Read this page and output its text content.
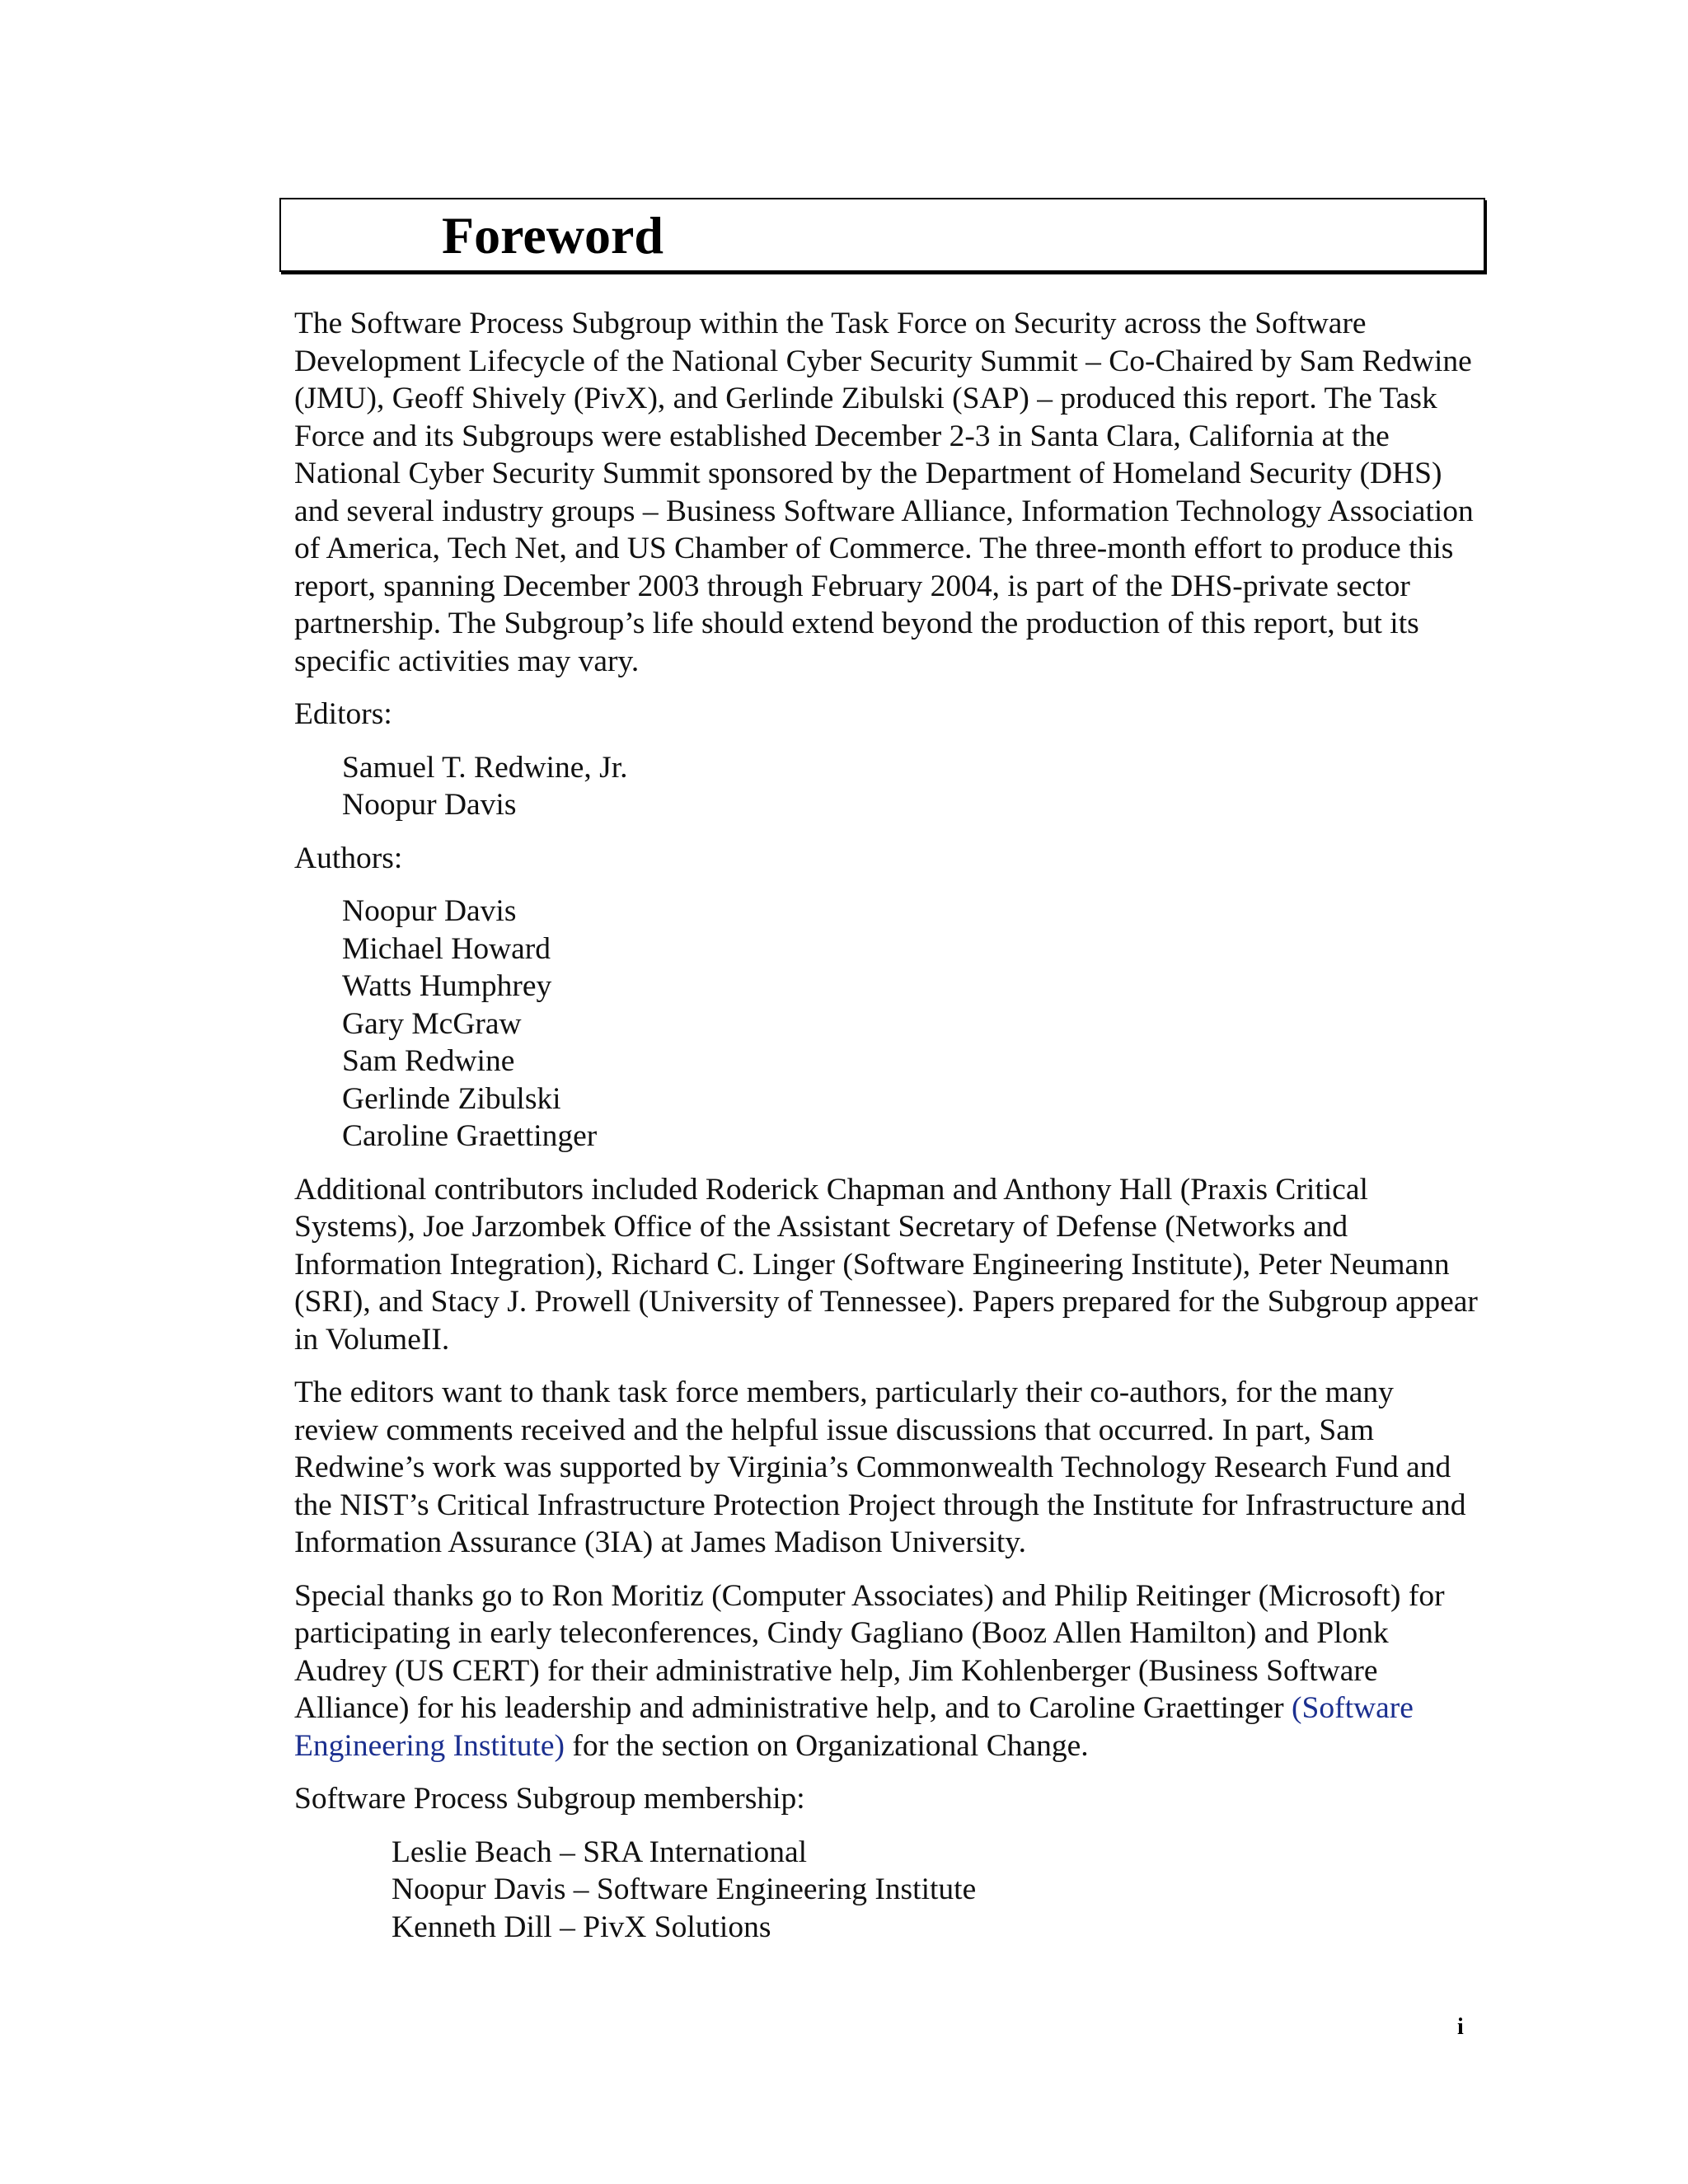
Foreword

The Software Process Subgroup within the Task Force on Security across the Software Development Lifecycle of the National Cyber Security Summit – Co-Chaired by Sam Redwine (JMU), Geoff Shively (PivX), and Gerlinde Zibulski (SAP) – produced this report. The Task Force and its Subgroups were established December 2-3 in Santa Clara, California at the National Cyber Security Summit sponsored by the Department of Homeland Security (DHS) and several industry groups – Business Software Alliance, Information Technology Association of America, Tech Net, and US Chamber of Commerce. The three-month effort to produce this report, spanning December 2003 through February 2004, is part of the DHS-private sector partnership. The Subgroup’s life should extend beyond the production of this report, but its specific activities may vary.

Editors:

Samuel T. Redwine, Jr.
Noopur Davis

Authors:

Noopur Davis
Michael Howard
Watts Humphrey
Gary McGraw
Sam Redwine
Gerlinde Zibulski
Caroline Graettinger

Additional contributors included Roderick Chapman and Anthony Hall (Praxis Critical Systems), Joe Jarzombek Office of the Assistant Secretary of Defense (Networks and Information Integration), Richard C. Linger (Software Engineering Institute), Peter Neumann (SRI), and Stacy J. Prowell (University of Tennessee). Papers prepared for the Subgroup appear in VolumeII.

The editors want to thank task force members, particularly their co-authors, for the many review comments received and the helpful issue discussions that occurred. In part, Sam Redwine’s work was supported by Virginia’s Commonwealth Technology Research Fund and the NIST’s Critical Infrastructure Protection Project through the Institute for Infrastructure and Information Assurance (3IA) at James Madison University.

Special thanks go to Ron Moritiz (Computer Associates) and Philip Reitinger (Microsoft) for participating in early teleconferences, Cindy Gagliano (Booz Allen Hamilton) and Plonk Audrey (US CERT) for their administrative help, Jim Kohlenberger (Business Software Alliance) for his leadership and administrative help, and to Caroline Graettinger (Software Engineering Institute) for the section on Organizational Change.

Software Process Subgroup membership:

Leslie Beach – SRA International
Noopur Davis – Software Engineering Institute
Kenneth Dill – PivX Solutions
i
